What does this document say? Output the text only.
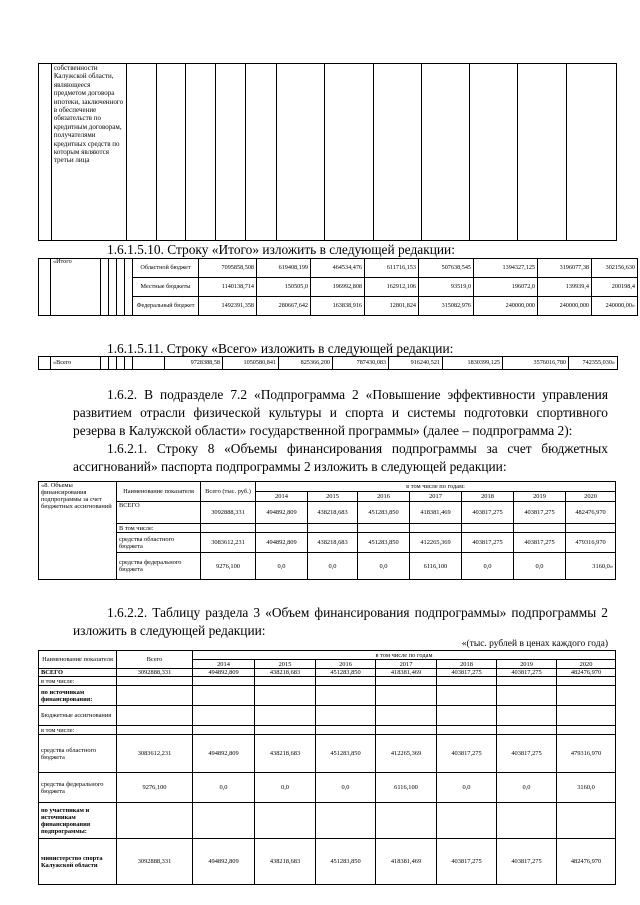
	собственности Калужской области, являющееся предметом договора ипотеки, заключенного в обеспечение обязательств по кредитным договорам, получателями кредитных средств по которым являются третьи лица												
1.6.1.5.10. Строку «Итого» изложить в следующей редакции:
	«Итого					Областной бюджет	7095858,508	619408,199	464534,476	611716,153	507638,545	1394327,125	3196077,38	302156,630
						Местные бюджеты	1140138,714	150505,0	196992,808	162912,106	93519,0	196072,0	139939,4	200198,4
						Федеральный бюджет	1492391,358	280667,642	163838,916	12801,824	315082,976	240000,000	240000,000	240000,00»
1.6.1.5.11. Строку «Всего» изложить в следующей редакции:
	«Всего						9728388,58	1050580,841	825366,200	787430,083	916240,521	1830399,125	3576016,780	742355,030»
1.6.2. В подразделе 7.2 «Подпрограмма 2 «Повышение эффективности управления развитием отрасли физической культуры и спорта и системы подготовки спортивного резерва в Калужской области» государственной программы» (далее – подпрограмма 2):
1.6.2.1. Строку 8 «Объемы финансирования подпрограммы за счет бюджетных ассигнований» паспорта подпрограммы 2 изложить в следующей редакции:
«8. Объемы финансирования подпрограммы за счет бюджетных ассигнований	Наименование показателя	Всего (тыс. руб.)	в том числе по годам:						
			2014	2015	2016	2017	2018	2019	2020
	ВСЕГО	3092888,331	494892,809	438218,683	451283,850	418381,469	403817,275	403817,275	482476,970
	В том числе:								
	средства областного бюджета	3083612,231	494892,809	438218,683	451283,850	412265,369	403817,275	403817,275	479316,970
	средства федерального бюджета	9276,100	0,0	0,0	0,0	6116,100	0,0	0,0	3160,0»
1.6.2.2. Таблицу раздела 3 «Объем финансирования подпрограммы» подпрограммы 2 изложить в следующей редакции:
«(тыс. рублей в ценах каждого года)
Наименование показателя	Всего	в том числе по годам						
		2014	2015	2016	2017	2018	2019	2020
ВСЕГО	3092888,331	494892,809	438218,683	451283,850	418381,469	403817,275	403817,275	482476,970
в том числе:								
по источникам финансирования:								
Бюджетные ассигнования								
в том числе:								
средства областного бюджета	3083612,231	494892,809	438218,683	451283,850	412265,369	403817,275	403817,275	479316,970
средства федерального бюджета	9276,100	0,0	0,0	0,0	6116,100	0,0	0,0	3160,0
по участникам и источникам финансирования подпрограммы:								
министерство спорта Калужской области	3092888,331	494892,809	438218,683	451283,850	418381,469	403817,275	403817,275	482476,970
